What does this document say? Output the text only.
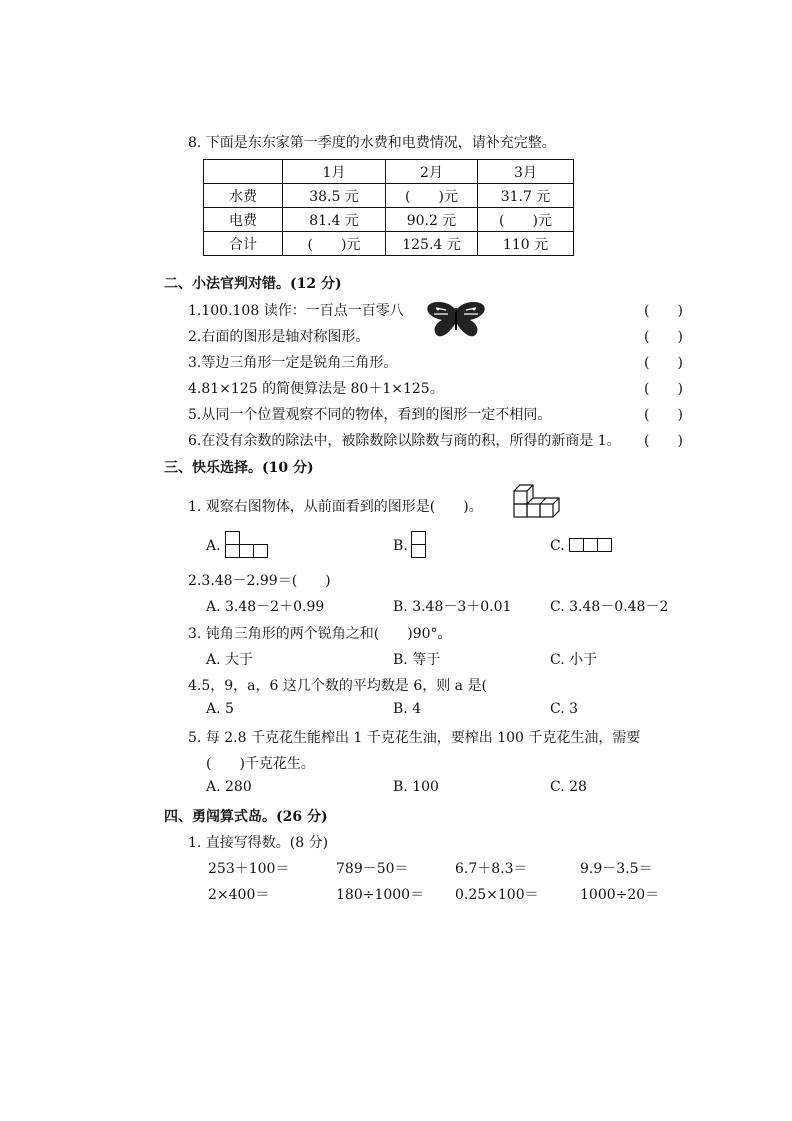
8. 下面是东东家第一季度的水费和电费情况，请补充完整。
	1月	2月	3月
水费	38.5 元	(　　)元	31.7 元
电费	81.4 元	90.2 元	(　　)元
合计	(　　)元	125.4 元	110 元
二、小法官判对错。(12 分)
1.100.108 读作：一百点一百零八
2.右面的图形是轴对称图形。
3.等边三角形一定是锐角三角形。
4.81×125 的简便算法是 80＋1×125。
5.从同一个位置观察不同的物体，看到的图形一定不相同。
6.在没有余数的除法中，被除数除以除数与商的积，所得的新商是 1。
(　　)
(　　)
(　　)
(　　)
(　　)
(　　)
三、快乐选择。(10 分)
1. 观察右图物体，从前面看到的图形是(　　)。
A.	B.	C.
2.3.48－2.99＝(　　)
A. 3.48－2＋0.99	B. 3.48－3＋0.01	C. 3.48－0.48－2
3. 钝角三角形的两个锐角之和(　　)90°。
A. 大于	B. 等于	C. 小于
4.5，9，a，6 这几个数的平均数是 6，则 a 是(
A. 5	B. 4	C. 3
5. 每 2.8 千克花生能榨出 1 千克花生油，要榨出 100 千克花生油，需要
(　　)千克花生。
A. 280	B. 100	C. 28
四、勇闯算式岛。(26 分)
1. 直接写得数。(8 分)
253＋100＝	789－50＝	6.7＋8.3＝	9.9－3.5＝
2×400＝	180÷1000＝ 0.25×100＝	1000÷20＝
